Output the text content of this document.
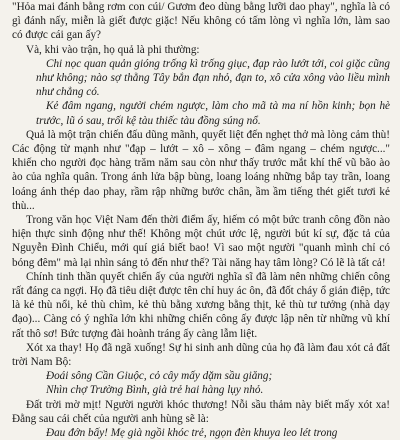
"Hỏa mai đánh bằng rơm con cúi/ Gươm đeo dùng bằng lưỡi dao phay", nghĩa là có gì đánh nấy, miễn là giết được giặc! Nếu không có tấm lòng vì nghĩa lớn, làm sao có được cái gan ấy?

Và, khi vào trận, họ quả là phi thường:

Chi nọc quan quản gióng trống kì trống giục, đạp rào lướt tới, coi giặc cũng như không; nào sợ thằng Tây bắn đạn nhỏ, đạn to, xô cửa xông vào liều mình như chẳng có.

Kẻ đâm ngang, người chém ngược, làm cho mã tà ma ní hồn kinh; bọn hè trước, lũ ó sau, trối kệ tàu thiếc tàu đồng súng nổ.

Quả là một trận chiến đấu dũng mãnh, quyết liệt đến nghẹt thở mà lòng cảm thù! Các động từ mạnh như "đạp – lướt – xô – xông – đâm ngang – chém ngược..." khiến cho người đọc hàng trăm năm sau còn như thấy trước mắt khí thế vũ bão ào ào của nghĩa quân. Trong ánh lửa bập bùng, loang loáng những bắp tay trần, loang loáng ánh thép dao phay, rầm rập những bước chân, ầm ầm tiếng thét giết tươi kẻ thù...

Trong văn học Việt Nam đến thời điểm ấy, hiếm có một bức tranh công đồn nào hiện thực sinh động như thế! Không một chút ước lệ, người bút kí sự, đặc tả của Nguyễn Đình Chiểu, mới quí giá biết bao! Vì sao một người "quanh mình chỉ có bóng đêm" mà lại nhìn sáng tỏ đến như thế? Tài năng hay tâm lòng? Có lẽ là tất cả!

Chính tinh thần quyết chiến ấy của người nghĩa sĩ đã làm nên những chiến công rất đáng ca ngợi. Họ đã tiêu diệt được tên chỉ huy ác ôn, đã đốt cháy ổ gián điệp, tức là kẻ thù nổi, kẻ thù chìm, kẻ thù bằng xương bằng thịt, kẻ thù tư tưởng (nhà dạy đạo)... Càng có ý nghĩa lớn khi những chiến công ấy được lập nên từ những vũ khí rất thô sơ! Bức tượng đài hoành tráng ấy càng lẫm liệt.

Xót xa thay! Họ đã ngã xuống! Sự hi sinh anh dũng của họ đã làm đau xót cả đất trời Nam Bộ:

Đoái sông Cần Giuộc, cỏ cây mấy dặm sầu giăng;

Nhìn chợ Trường Bình, già trẻ hai hàng lụy nhỏ.

Đất trời mờ mịt! Người người khóc thương! Nỗi sầu thảm này biết mấy xót xa! Đằng sau cái chết của người anh hùng sẽ là:

Đau đớn bấy! Mẹ già ngồi khóc trẻ, ngọn đèn khuya leo lét trong
